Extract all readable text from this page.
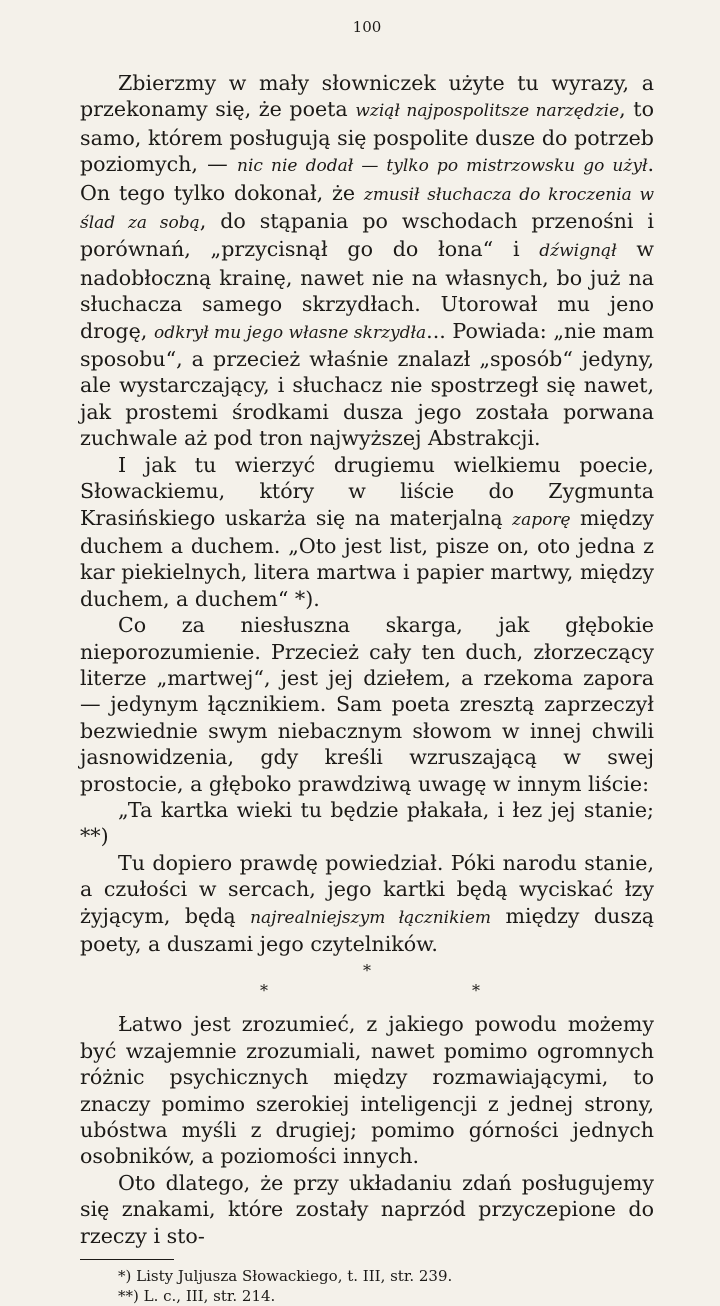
100

Zbierzmy w mały słowniczek użyte tu wyrazy, a przekonamy się, że poeta wziął najpospolitsze narzędzie, to samo, którem posługują się pospolite dusze do potrzeb poziomych, — nic nie dodał — tylko po mistrzowsku go użył. On tego tylko dokonał, że zmusił słuchacza do kroczenia w ślad za sobą, do stąpania po wschodach przenośni i porównań, „przycisnął go do łona“ i dźwignął w nadobłoczną krainę, nawet nie na własnych, bo już na słuchacza samego skrzydłach. Utorował mu jeno drogę, odkrył mu jego własne skrzydła... Powiada: „nie mam sposobu“, a przecież właśnie znalazł „sposób“ jedyny, ale wystarczający, i słuchacz nie spostrzegł się nawet, jak prostemi środkami dusza jego została porwana zuchwale aż pod tron najwyższej Abstrakcji.

I jak tu wierzyć drugiemu wielkiemu poecie, Słowackiemu, który w liście do Zygmunta Krasińskiego uskarża się na materjalną zaporę między duchem a duchem. „Oto jest list, pisze on, oto jedna z kar piekielnych, litera martwa i papier martwy, między duchem, a duchem“ *).

Co za niesłuszna skarga, jak głębokie nieporozumienie. Przecież cały ten duch, złorzeczący literze „martwej“, jest jej dziełem, a rzekoma zapora — jedynym łącznikiem. Sam poeta zresztą zaprzeczył bezwiednie swym niebacznym słowom w innej chwili jasnowidzenia, gdy kreśli wzruszającą w swej prostocie, a głęboko prawdziwą uwagę w innym liście:

„Ta kartka wieki tu będzie płakała, i łez jej stanie; **)

Tu dopiero prawdę powiedział. Póki narodu stanie, a czułości w sercach, jego kartki będą wyciskać łzy żyjącym, będą najrealniejszym łącznikiem między duszą poety, a duszami jego czytelników.

*
*	*

Łatwo jest zrozumieć, z jakiego powodu możemy być wzajemnie zrozumiali, nawet pomimo ogromnych różnic psychicznych między rozmawiającymi, to znaczy pomimo szerokiej inteligencji z jednej strony, ubóstwa myśli z drugiej; pomimo górności jednych osobników, a poziomości innych.

Oto dlatego, że przy układaniu zdań posługujemy się znakami, które zostały naprzód przyczepione do rzeczy i sto-

*) Listy Juljusza Słowackiego, t. III, str. 239.
**) L. c., III, str. 214.
